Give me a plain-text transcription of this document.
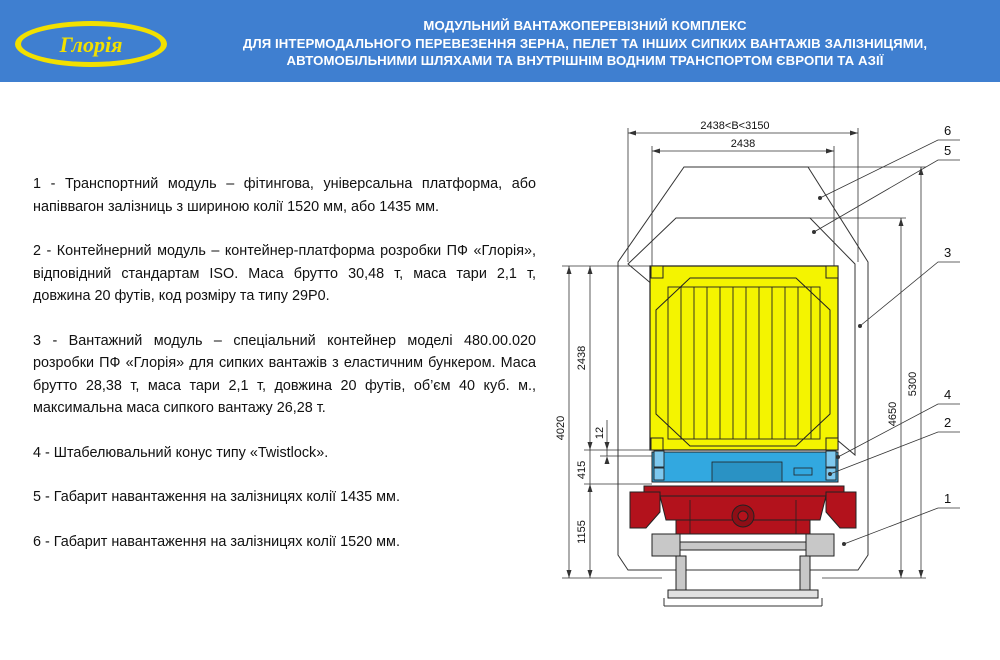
Глорія
МОДУЛЬНИЙ ВАНТАЖОПЕРЕВІЗНИЙ КОМПЛЕКС
ДЛЯ ІНТЕРМОДАЛЬНОГО ПЕРЕВЕЗЕННЯ ЗЕРНА, ПЕЛЕТ ТА ІНШИХ СИПКИХ ВАНТАЖІВ ЗАЛІЗНИЦЯМИ,
АВТОМОБІЛЬНИМИ ШЛЯХАМИ ТА ВНУТРІШНІМ ВОДНИМ ТРАНСПОРТОМ ЄВРОПИ ТА АЗІЇ

1 - Транспортний модуль – фітингова, універсальна платформа, або напіввагон залізниць з шириною колії 1520 мм, або 1435 мм.

2 - Контейнерний модуль – контейнер-платформа розробки ПФ «Глорія», відповідний стандартам ISO. Маса брутто 30,48 т, маса тари 2,1 т, довжина 20 футів, код розміру та типу 29P0.

3 - Вантажний модуль – спеціальний контейнер моделі 480.00.020 розробки ПФ «Глорія» для сипких вантажів з еластичним бункером. Маса брутто 28,38 т, маса тари 2,1 т, довжина 20 футів, об’єм 40 куб. м., максимальна маса сипкого вантажу 26,28 т.

4 - Штабелювальний конус типу «Twistlock».

5 - Габарит навантаження на залізницях колії 1435 мм.

6 - Габарит навантаження на залізницях колії 1520 мм.

2438<B<3150
2438
4020
2438
12
415
1155
4650
5300
6
5
3
4
2
1
